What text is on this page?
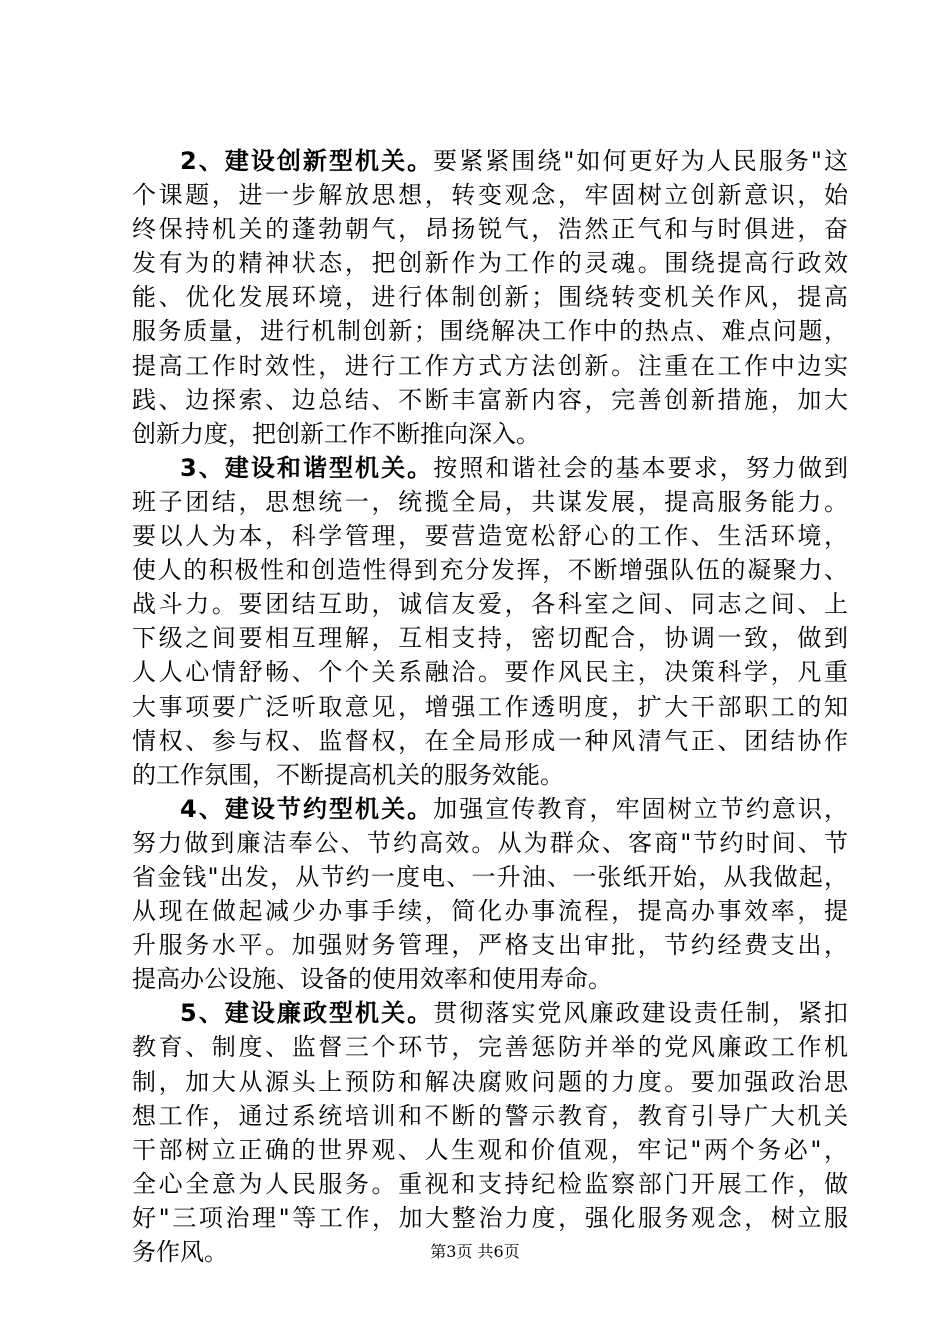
2、建设创新型机关。要紧紧围绕"如何更好为人民服务"这
个课题，进一步解放思想，转变观念，牢固树立创新意识，始
终保持机关的蓬勃朝气，昂扬锐气，浩然正气和与时俱进，奋
发有为的精神状态，把创新作为工作的灵魂。围绕提高行政效
能、优化发展环境，进行体制创新；围绕转变机关作风，提高
服务质量，进行机制创新；围绕解决工作中的热点、难点问题，
提高工作时效性，进行工作方式方法创新。注重在工作中边实
践、边探索、边总结、不断丰富新内容，完善创新措施，加大
创新力度，把创新工作不断推向深入。
3、建设和谐型机关。按照和谐社会的基本要求，努力做到
班子团结，思想统一，统揽全局，共谋发展，提高服务能力。
要以人为本，科学管理，要营造宽松舒心的工作、生活环境，
使人的积极性和创造性得到充分发挥，不断增强队伍的凝聚力、
战斗力。要团结互助，诚信友爱，各科室之间、同志之间、上
下级之间要相互理解，互相支持，密切配合，协调一致，做到
人人心情舒畅、个个关系融洽。要作风民主，决策科学，凡重
大事项要广泛听取意见，增强工作透明度，扩大干部职工的知
情权、参与权、监督权，在全局形成一种风清气正、团结协作
的工作氛围，不断提高机关的服务效能。
4、建设节约型机关。加强宣传教育，牢固树立节约意识，
努力做到廉洁奉公、节约高效。从为群众、客商"节约时间、节
省金钱"出发，从节约一度电、一升油、一张纸开始，从我做起，
从现在做起减少办事手续，简化办事流程，提高办事效率，提
升服务水平。加强财务管理，严格支出审批，节约经费支出，
提高办公设施、设备的使用效率和使用寿命。
5、建设廉政型机关。贯彻落实党风廉政建设责任制，紧扣
教育、制度、监督三个环节，完善惩防并举的党风廉政工作机
制，加大从源头上预防和解决腐败问题的力度。要加强政治思
想工作，通过系统培训和不断的警示教育，教育引导广大机关
干部树立正确的世界观、人生观和价值观，牢记"两个务必"，
全心全意为人民服务。重视和支持纪检监察部门开展工作，做
好"三项治理"等工作，加大整治力度，强化服务观念，树立服
务作风。	第3页 共6页
